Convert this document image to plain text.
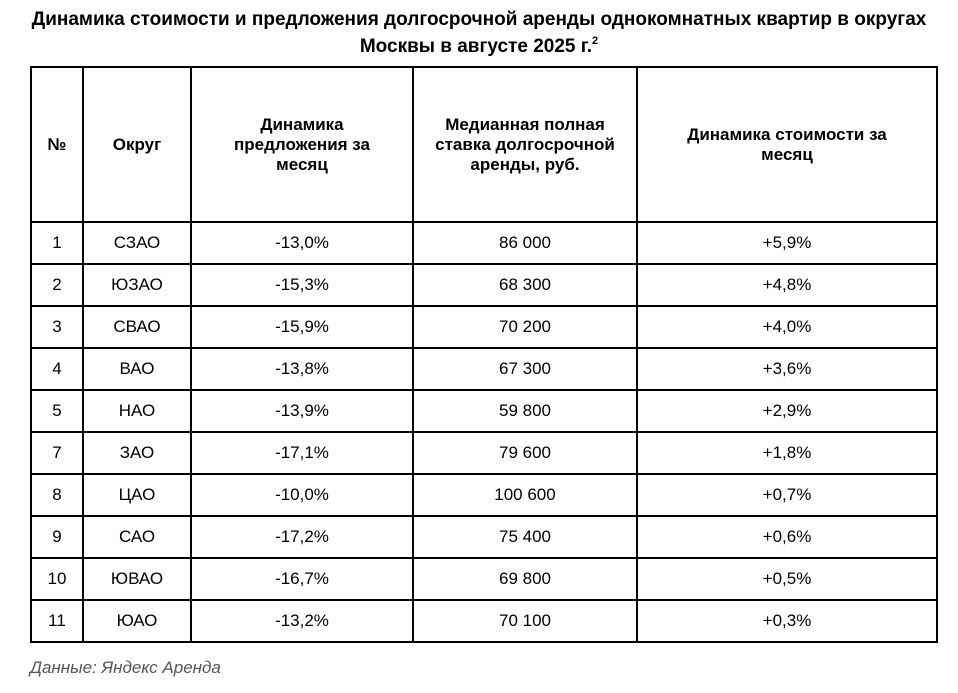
Динамика стоимости и предложения долгосрочной аренды однокомнатных квартир в округах Москвы в августе 2025 г.$^2$
№	Округ	Динамика предложения за месяц	Медианная полная ставка долгосрочной аренды, руб.	Динамика стоимости за месяц

1	СЗАО	-13,0%	86 000	+5,9%
2	ЮЗАО	-15,3%	68 300	+4,8%
3	СВАО	-15,9%	70 200	+4,0%
4	ВАО	-13,8%	67 300	+3,6%
5	НАО	-13,9%	59 800	+2,9%
7	ЗАО	-17,1%	79 600	+1,8%
8	ЦАО	-10,0%	100 600	+0,7%
9	САО	-17,2%	75 400	+0,6%
10	ЮВАО	-16,7%	69 800	+0,5%
11	ЮАО	-13,2%	70 100	+0,3%
Данные: Яндекс Аренда
